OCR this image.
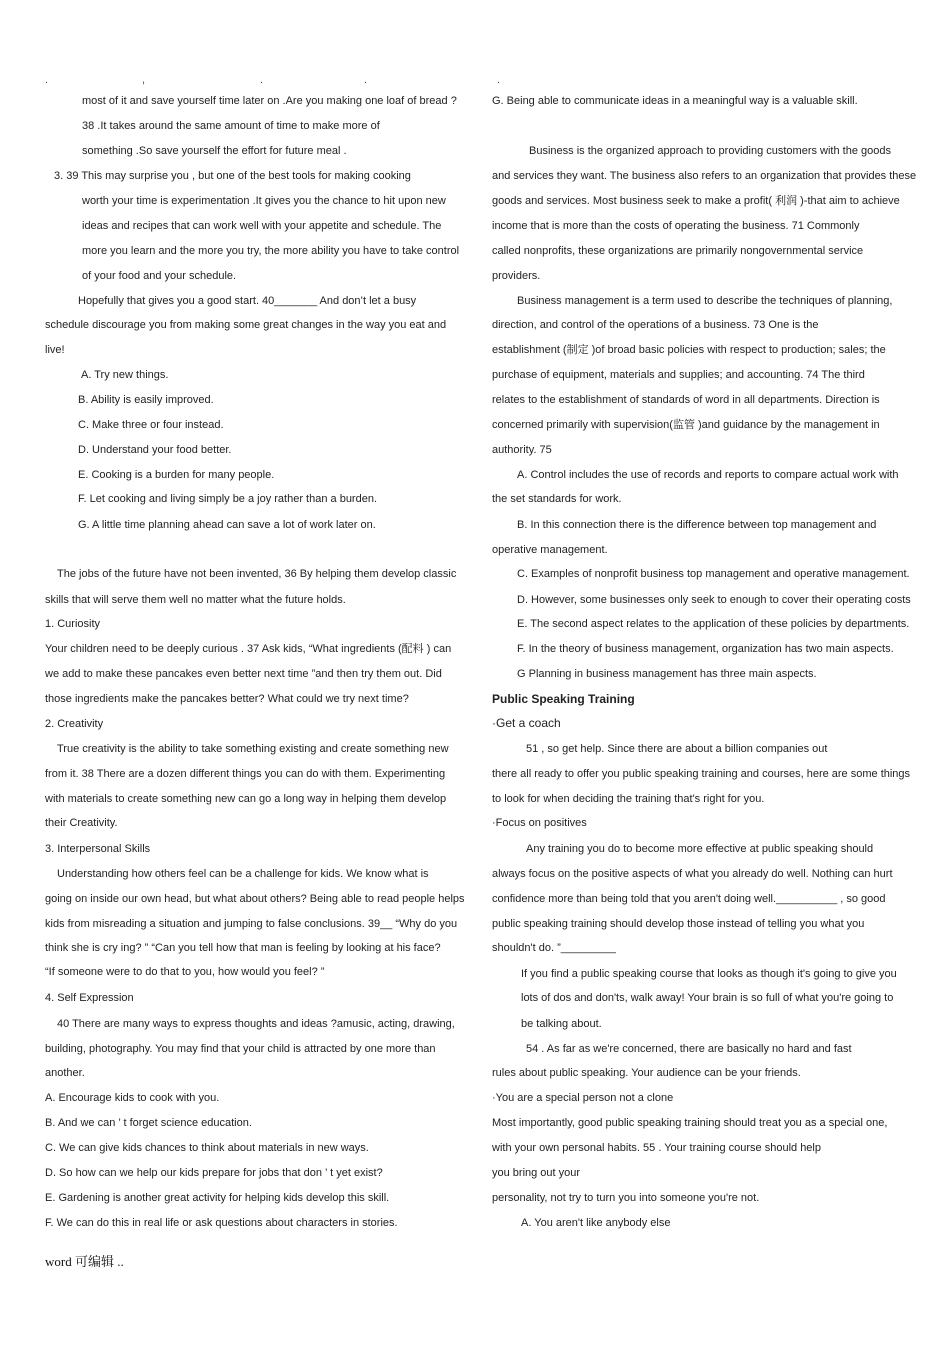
.	,	.	.	.
most of it and save yourself time later on .Are you making one loaf of bread ?
38 .It takes around the same amount of time to make more of
something .So save yourself the effort for future meal .
3. 39 This may surprise you , but one of the best tools for making cooking
worth your time is experimentation .It gives you the chance to hit upon new
ideas and recipes that can work well with your appetite and schedule. The
more you learn and the more you try, the more ability you have to take control
of your food and your schedule.
Hopefully that gives you a good start. 40_______ And don’t let a busy
schedule discourage you from making some great changes in the way you eat and
live!
A. Try new things.
B. Ability is easily improved.
C. Make three or four instead.
D. Understand your food better.
E. Cooking is a burden for many people.
F. Let cooking and living simply be a joy rather than a burden.
G. A little time planning ahead can save a lot of work later on.
The jobs of the future have not been invented, 36 By helping them develop classic
skills that will serve them well no matter what the future holds.
1. Curiosity
Your children need to be deeply curious . 37 Ask kids, “What ingredients (配料 ) can
we add to make these pancakes even better next time ”and then try them out. Did
those ingredients make the pancakes better? What could we try next time?
2. Creativity
True creativity is the ability to take something existing and create something new
from it. 38 There are a dozen different things you can do with them. Experimenting
with materials to create something new can go a long way in helping them develop
their Creativity.
3. Interpersonal Skills
Understanding how others feel can be a challenge for kids. We know what is
going on inside our own head, but what about others? Being able to read people helps
kids from misreading a situation and jumping to false conclusions. 39__ “Why do you
think she is cry ing? ” “Can you tell how that man is feeling by looking at his face?
“If someone were to do that to you, how would you feel? ”
4. Self Expression
40 There are many ways to express thoughts and ideas ?amusic, acting, drawing,
building, photography. You may find that your child is attracted by one more than
another.
A. Encourage kids to cook with you.
B. And we can ’ t forget science education.
C. We can give kids chances to think about materials in new ways.
D. So how can we help our kids prepare for jobs that don ’ t yet exist?
E. Gardening is another great activity for helping kids develop this skill.
F. We can do this in real life or ask questions about characters in stories.
G. Being able to communicate ideas in a meaningful way is a valuable skill.
Business is the organized approach to providing customers with the goods
and services they want. The business also refers to an organization that provides these
goods and services. Most business seek to make a profit( 利润 )-that aim to achieve
income that is more than the costs of operating the business. 71 Commonly
called nonprofits, these organizations are primarily nongovernmental service
providers.
Business management is a term used to describe the techniques of planning,
direction, and control of the operations of a business. 73 One is the
establishment (制定 )of broad basic policies with respect to production; sales; the
purchase of equipment, materials and supplies; and accounting. 74 The third
relates to the establishment of standards of word in all departments. Direction is
concerned primarily with supervision(监管 )and guidance by the management in
authority. 75
A. Control includes the use of records and reports to compare actual work with
the set standards for work.
B. In this connection there is the difference between top management and
operative management.
C. Examples of nonprofit business top management and operative management.
D. However, some businesses only seek to enough to cover their operating costs
E. The second aspect relates to the application of these policies by departments.
F. In the theory of business management, organization has two main aspects.
G Planning in business management has three main aspects.
Public Speaking Training
·Get a coach
51 , so get help. Since there are about a billion companies out
there all ready to offer you public speaking training and courses, here are some things
to look for when deciding the training that's right for you.
·Focus on positives
Any training you do to become more effective at public speaking should
always focus on the positive aspects of what you already do well. Nothing can hurt
confidence more than being told that you aren't doing well.__________ , so good
public speaking training should develop those instead of telling you what you
shouldn't do. ”_________
If you find a public speaking course that looks as though it's going to give you
lots of dos and don'ts, walk away! Your brain is so full of what you're going to
be talking about.
54 . As far as we're concerned, there are basically no hard and fast
rules about public speaking. Your audience can be your friends.
·You are a special person not a clone
Most importantly, good public speaking training should treat you as a special one,
with your own personal habits. 55 . Your training course should help
you bring out your
personality, not try to turn you into someone you're not.
A. You aren't like anybody else
word 可编辑 ..
